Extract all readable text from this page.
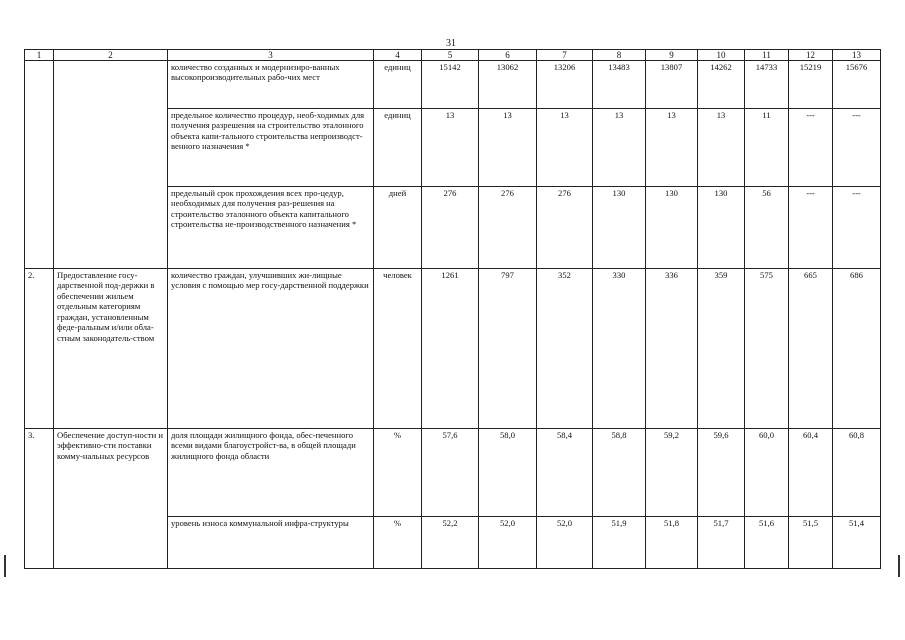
31
1	2	3	4	5	6	7	8	9	10	11	12	13
		количество созданных и модернизиро-ванных высокопроизводительных рабо-чих мест	единиц	15142	13062	13206	13483	13807	14262	14733	15219	15676
		предельное количество процедур, необ-ходимых для получения разрешения на строительство эталонного объекта капи-тального строительства непроизводст-венного назначения *	единиц	13	13	13	13	13	13	11	---	---
		предельный срок прохождения всех про-цедур, необходимых для получения раз-решения на строительство эталонного объекта капитального строительства не-производственного назначения *	дней	276	276	276	130	130	130	56	---	---
2.	Предоставление госу-дарственной под-держки в обеспечении жильем отдельным категориям граждан, установленным феде-ральным и/или обла-стным законодатель-ством	количество граждан, улучшивших жи-лищные условия с помощью мер госу-дарственной поддержки	человек	1261	797	352	330	336	359	575	665	686
3.	Обеспечение доступ-ности и эффективно-сти поставки комму-нальных ресурсов	доля площади жилищного фонда, обес-печенного всеми видами благоустройст-ва, в общей площади жилищного фонда области	%	57,6	58,0	58,4	58,8	59,2	59,6	60,0	60,4	60,8
		уровень износа коммунальной инфра-структуры	%	52,2	52,0	52,0	51,9	51,8	51,7	51,6	51,5	51,4
